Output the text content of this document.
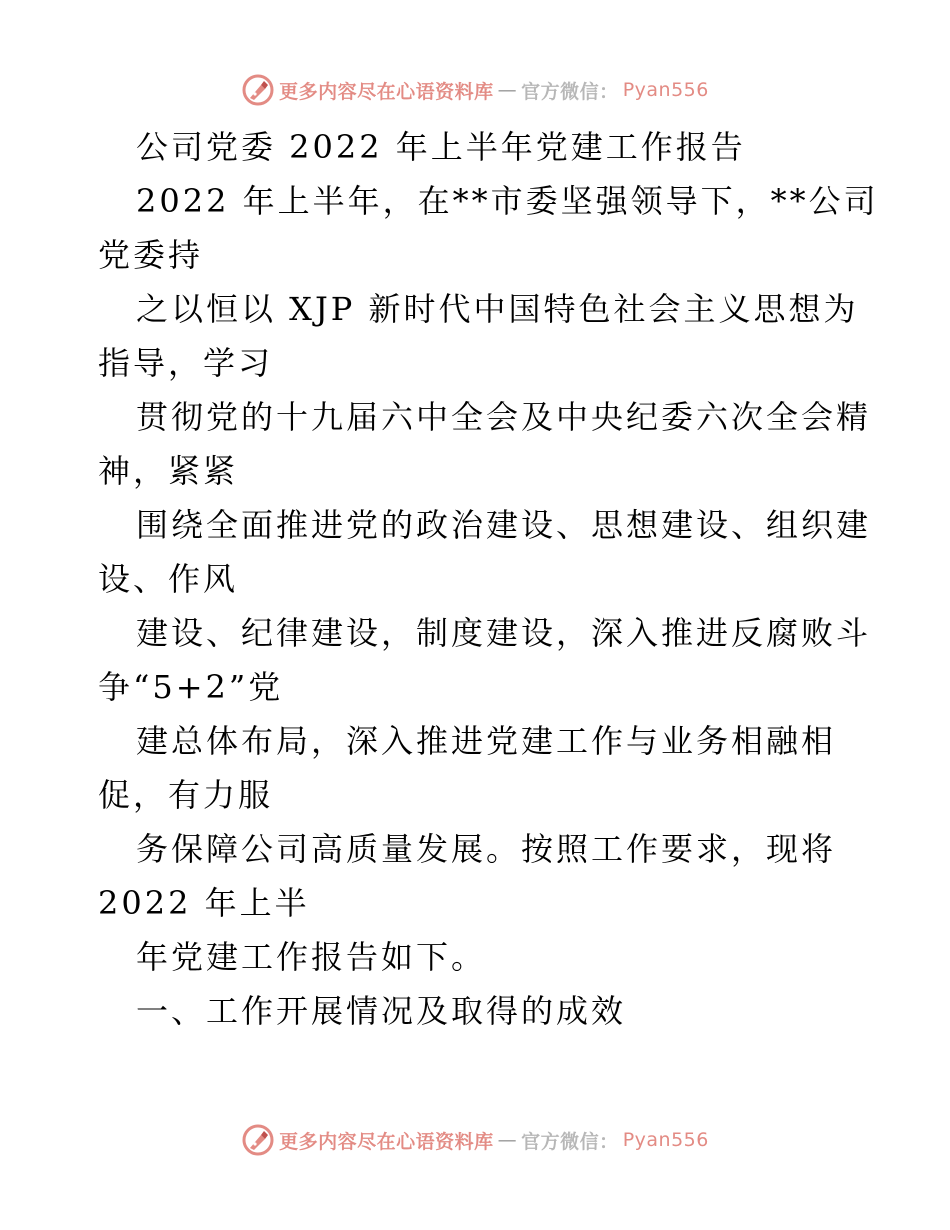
更多内容尽在心语资料库 — 官方微信： Pyan556
公司党委 2022 年上半年党建工作报告
2022 年上半年，在**市委坚强领导下，**公司
党委持
之以恒以 XJP 新时代中国特色社会主义思想为
指导，学习
贯彻党的十九届六中全会及中央纪委六次全会精
神，紧紧
围绕全面推进党的政治建设、思想建设、组织建
设、作风
建设、纪律建设，制度建设，深入推进反腐败斗
争“5+2”党
建总体布局，深入推进党建工作与业务相融相
促，有力服
务保障公司高质量发展。按照工作要求，现将
2022 年上半
年党建工作报告如下。
一、工作开展情况及取得的成效
更多内容尽在心语资料库 — 官方微信： Pyan556
